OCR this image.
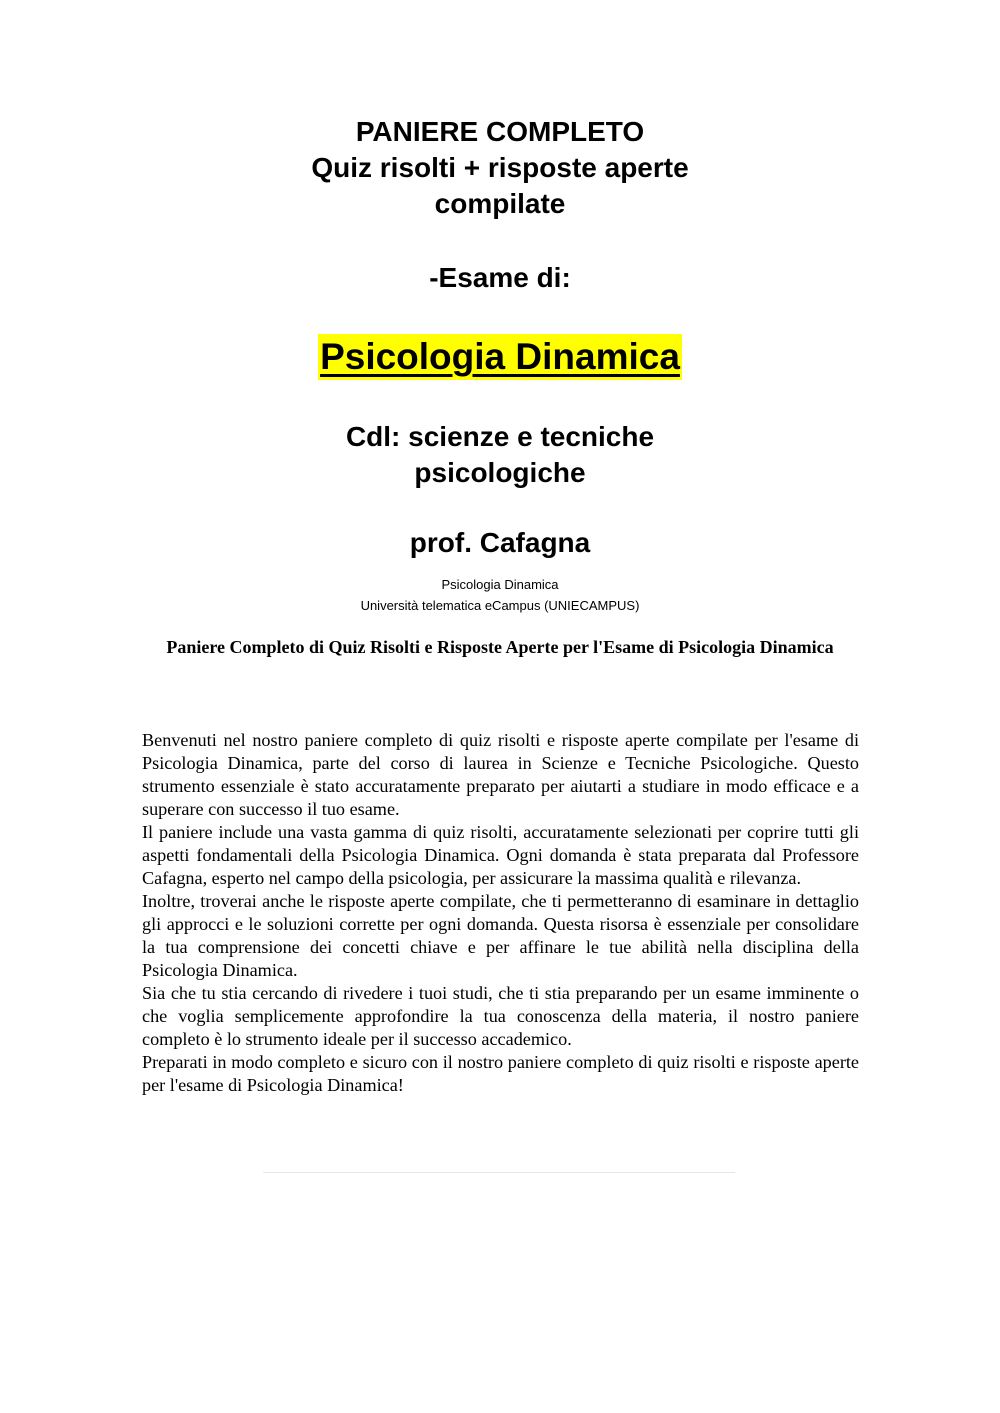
PANIERE COMPLETO
Quiz risolti + risposte aperte
compilate
-Esame di:
Psicologia Dinamica
Cdl: scienze e tecniche
psicologiche
prof. Cafagna
Psicologia Dinamica
Università telematica eCampus (UNIECAMPUS)
Paniere Completo di Quiz Risolti e Risposte Aperte per l'Esame di Psicologia Dinamica

Benvenuti nel nostro paniere completo di quiz risolti e risposte aperte compilate per l'esame di Psicologia Dinamica, parte del corso di laurea in Scienze e Tecniche Psicologiche. Questo strumento essenziale è stato accuratamente preparato per aiutarti a studiare in modo efficace e a superare con successo il tuo esame.

Il paniere include una vasta gamma di quiz risolti, accuratamente selezionati per coprire tutti gli aspetti fondamentali della Psicologia Dinamica. Ogni domanda è stata preparata dal Professore Cafagna, esperto nel campo della psicologia, per assicurare la massima qualità e rilevanza.

Inoltre, troverai anche le risposte aperte compilate, che ti permetteranno di esaminare in dettaglio gli approcci e le soluzioni corrette per ogni domanda. Questa risorsa è essenziale per consolidare la tua comprensione dei concetti chiave e per affinare le tue abilità nella disciplina della Psicologia Dinamica.

Sia che tu stia cercando di rivedere i tuoi studi, che ti stia preparando per un esame imminente o che voglia semplicemente approfondire la tua conoscenza della materia, il nostro paniere completo è lo strumento ideale per il successo accademico.

Preparati in modo completo e sicuro con il nostro paniere completo di quiz risolti e risposte aperte per l'esame di Psicologia Dinamica!
